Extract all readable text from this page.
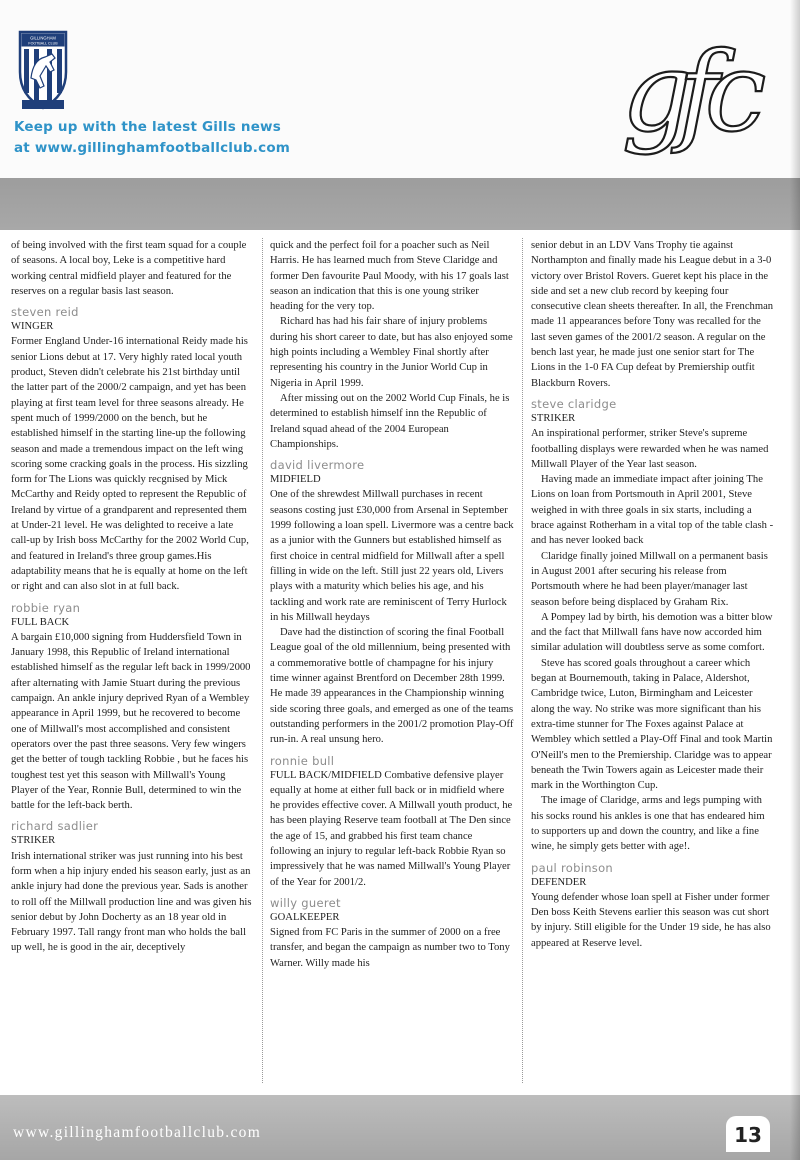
GILLINGHAM
FOOTBALL CLUB
Keep up with the latest Gills news
at www.gillinghamfootballclub.com	gfc

of being involved with the first team squad for a couple of seasons. A local boy, Leke is a competitive hard working central midfield player and featured for the reserves on a regular basis last season.

steven reid
WINGER

Former England Under-16 international Reidy made his senior Lions debut at 17. Very highly rated local youth product, Steven didn't celebrate his 21st birthday until the latter part of the 2000/2 campaign, and yet has been playing at first team level for three seasons already. He spent much of 1999/2000 on the bench, but he established himself in the starting line-up the following season and made a tremendous impact on the left wing scoring some cracking goals in the process. His sizzling form for The Lions was quickly recgnised by Mick McCarthy and Reidy opted to represent the Republic of Ireland by virtue of a grandparent and represented them at Under-21 level. He was delighted to receive a late call-up by Irish boss McCarthy for the 2002 World Cup, and featured in Ireland's three group games.His adaptability means that he is equally at home on the left or right and can also slot in at full back.

robbie ryan
FULL BACK

A bargain £10,000 signing from Huddersfield Town in January 1998, this Republic of Ireland international established himself as the regular left back in 1999/2000 after alternating with Jamie Stuart during the previous campaign. An ankle injury deprived Ryan of a Wembley appearance in April 1999, but he recovered to become one of Millwall's most accomplished and consistent operators over the past three seasons. Very few wingers get the better of tough tackling Robbie , but he faces his toughest test yet this season with Millwall's Young Player of the Year, Ronnie Bull, determined to win the battle for the left-back berth.

richard sadlier
STRIKER

Irish international striker was just running into his best form when a hip injury ended his season early, just as an ankle injury had done the previous year. Sads is another to roll off the Millwall production line and was given his senior debut by John Docherty as an 18 year old in February 1997. Tall rangy front man who holds the ball up well, he is good in the air, deceptively

quick and the perfect foil for a poacher such as Neil Harris. He has learned much from Steve Claridge and former Den favourite Paul Moody, with his 17 goals last season an indication that this is one young striker heading for the very top.

Richard has had his fair share of injury problems during his short career to date, but has also enjoyed some high points including a Wembley Final shortly after representing his country in the Junior World Cup in Nigeria in April 1999.

After missing out on the 2002 World Cup Finals, he is determined to establish himself inn the Republic of Ireland squad ahead of the 2004 European Championships.

david livermore
MIDFIELD

One of the shrewdest Millwall purchases in recent seasons costing just £30,000 from Arsenal in September 1999 following a loan spell. Livermore was a centre back as a junior with the Gunners but established himself as first choice in central midfield for Millwall after a spell filling in wide on the left. Still just 22 years old, Livers plays with a maturity which belies his age, and his tackling and work rate are reminiscent of Terry Hurlock in his Millwall heydays

Dave had the distinction of scoring the final Football League goal of the old millennium, being presented with a commemorative bottle of champagne for his injury time winner against Brentford on December 28th 1999. He made 39 appearances in the Championship winning side scoring three goals, and emerged as one of the teams outstanding performers in the 2001/2 promotion Play-Off run-in. A real unsung hero.

ronnie bull

FULL BACK/MIDFIELD Combative defensive player equally at home at either full back or in midfield where he provides effective cover. A Millwall youth product, he has been playing Reserve team football at The Den since the age of 15, and grabbed his first team chance following an injury to regular left-back Robbie Ryan so impressively that he was named Millwall's Young Player of the Year for 2001/2.

willy gueret
GOALKEEPER

Signed from FC Paris in the summer of 2000 on a free transfer, and began the campaign as number two to Tony Warner. Willy made his

senior debut in an LDV Vans Trophy tie against Northampton and finally made his League debut in a 3-0 victory over Bristol Rovers. Gueret kept his place in the side and set a new club record by keeping four consecutive clean sheets thereafter. In all, the Frenchman made 11 appearances before Tony was recalled for the last seven games of the 2001/2 season. A regular on the bench last year, he made just one senior start for The Lions in the 1-0 FA Cup defeat by Premiership outfit Blackburn Rovers.

steve claridge
STRIKER

An inspirational performer, striker Steve's supreme footballing displays were rewarded when he was named Millwall Player of the Year last season.

Having made an immediate impact after joining The Lions on loan from Portsmouth in April 2001, Steve weighed in with three goals in six starts, including a brace against Rotherham in a vital top of the table clash - and has never looked back

Claridge finally joined Millwall on a permanent basis in August 2001 after securing his release from Portsmouth where he had been player/manager last season before being displaced by Graham Rix.

A Pompey lad by birth, his demotion was a bitter blow and the fact that Millwall fans have now accorded him similar adulation will doubtless serve as some comfort.

Steve has scored goals throughout a career which began at Bournemouth, taking in Palace, Aldershot, Cambridge twice, Luton, Birmingham and Leicester along the way. No strike was more significant than his extra-time stunner for The Foxes against Palace at Wembley which settled a Play-Off Final and took Martin O'Neill's men to the Premiership. Claridge was to appear beneath the Twin Towers again as Leicester made their mark in the Worthington Cup.

The image of Claridge, arms and legs pumping with his socks round his ankles is one that has endeared him to supporters up and down the country, and like a fine wine, he simply gets better with age!.

paul robinson
DEFENDER

Young defender whose loan spell at Fisher under former Den boss Keith Stevens earlier this season was cut short by injury. Still eligible for the Under 19 side, he has also appeared at Reserve level.

www.gillinghamfootballclub.com	13
